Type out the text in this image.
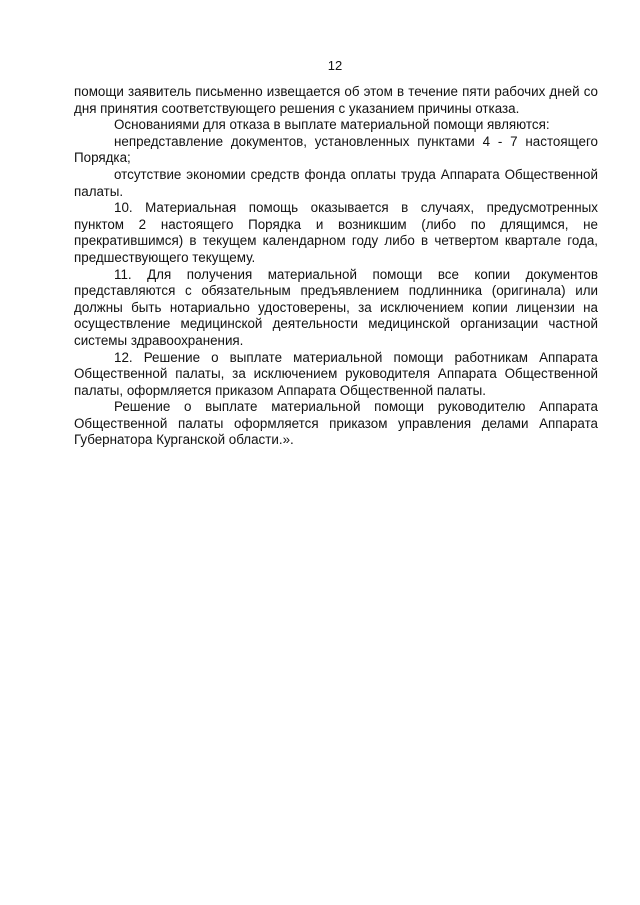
12

помощи заявитель письменно извещается об этом в течение пяти рабочих дней со дня принятия соответствующего решения с указанием причины отказа.

Основаниями для отказа в выплате материальной помощи являются:

непредставление документов, установленных пунктами 4 - 7 настоящего Порядка;

отсутствие экономии средств фонда оплаты труда Аппарата Общественной палаты.

10. Материальная помощь оказывается в случаях, предусмотренных пунктом 2 настоящего Порядка и возникшим (либо по длящимся, не прекратившимся) в текущем календарном году либо в четвертом квартале года, предшествующего текущему.

11. Для получения материальной помощи все копии документов представляются с обязательным предъявлением подлинника (оригинала) или должны быть нотариально удостоверены, за исключением копии лицензии на осуществление медицинской деятельности медицинской организации частной системы здравоохранения.

12. Решение о выплате материальной помощи работникам Аппарата Общественной палаты, за исключением руководителя Аппарата Общественной палаты, оформляется приказом Аппарата Общественной палаты.

Решение о выплате материальной помощи руководителю Аппарата Общественной палаты оформляется приказом управления делами Аппарата Губернатора Курганской области.».
